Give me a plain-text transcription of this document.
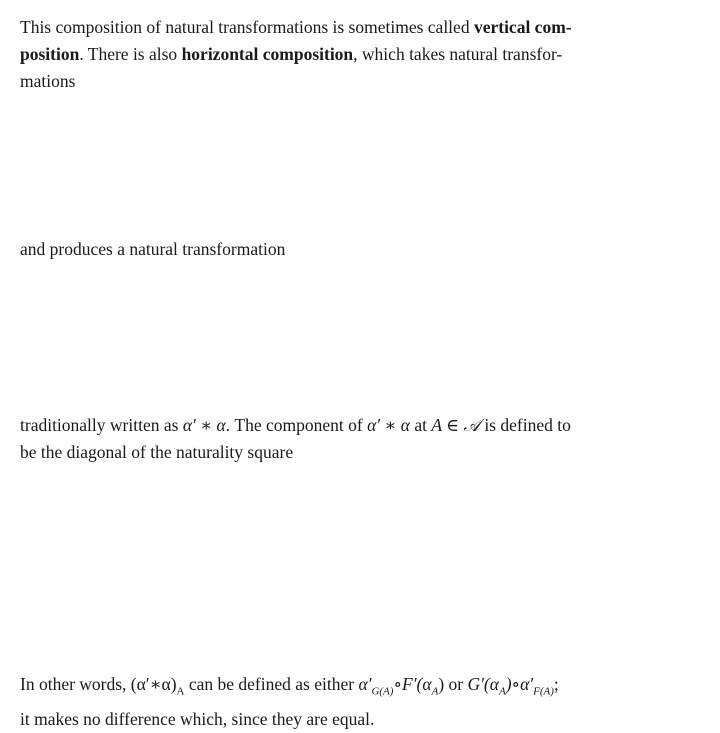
This composition of natural transformations is sometimes called vertical com-
position. There is also horizontal composition, which takes natural transfor-
mations

𝒜	𝒜′	𝒜″
F
G
⇓ α
F′
G′
⇓ α′

and produces a natural transformation

𝒜	𝒜″,
F′∘F
G′∘G
⇓

traditionally written as α′ ∗ α. The component of α′ ∗ α at A ∈ 𝒜 is defined to
be the diagonal of the naturality square

F′(F(A))	F′(G(A))
G′(F(A))	G′(G(A)).
$F'(\alpha_A)$
$G'(\alpha_A)$
$\alpha'_{F(A)}$	$\alpha'_{G(A)}$

In other words, $(\alpha'∗\alpha)_A$ can be defined as either $\alpha'_{G(A)}\circ F'(\alpha_A)$ or $G'(\alpha_A)\circ\alpha'_{F(A)}$;
it makes no difference which, since they are equal.
